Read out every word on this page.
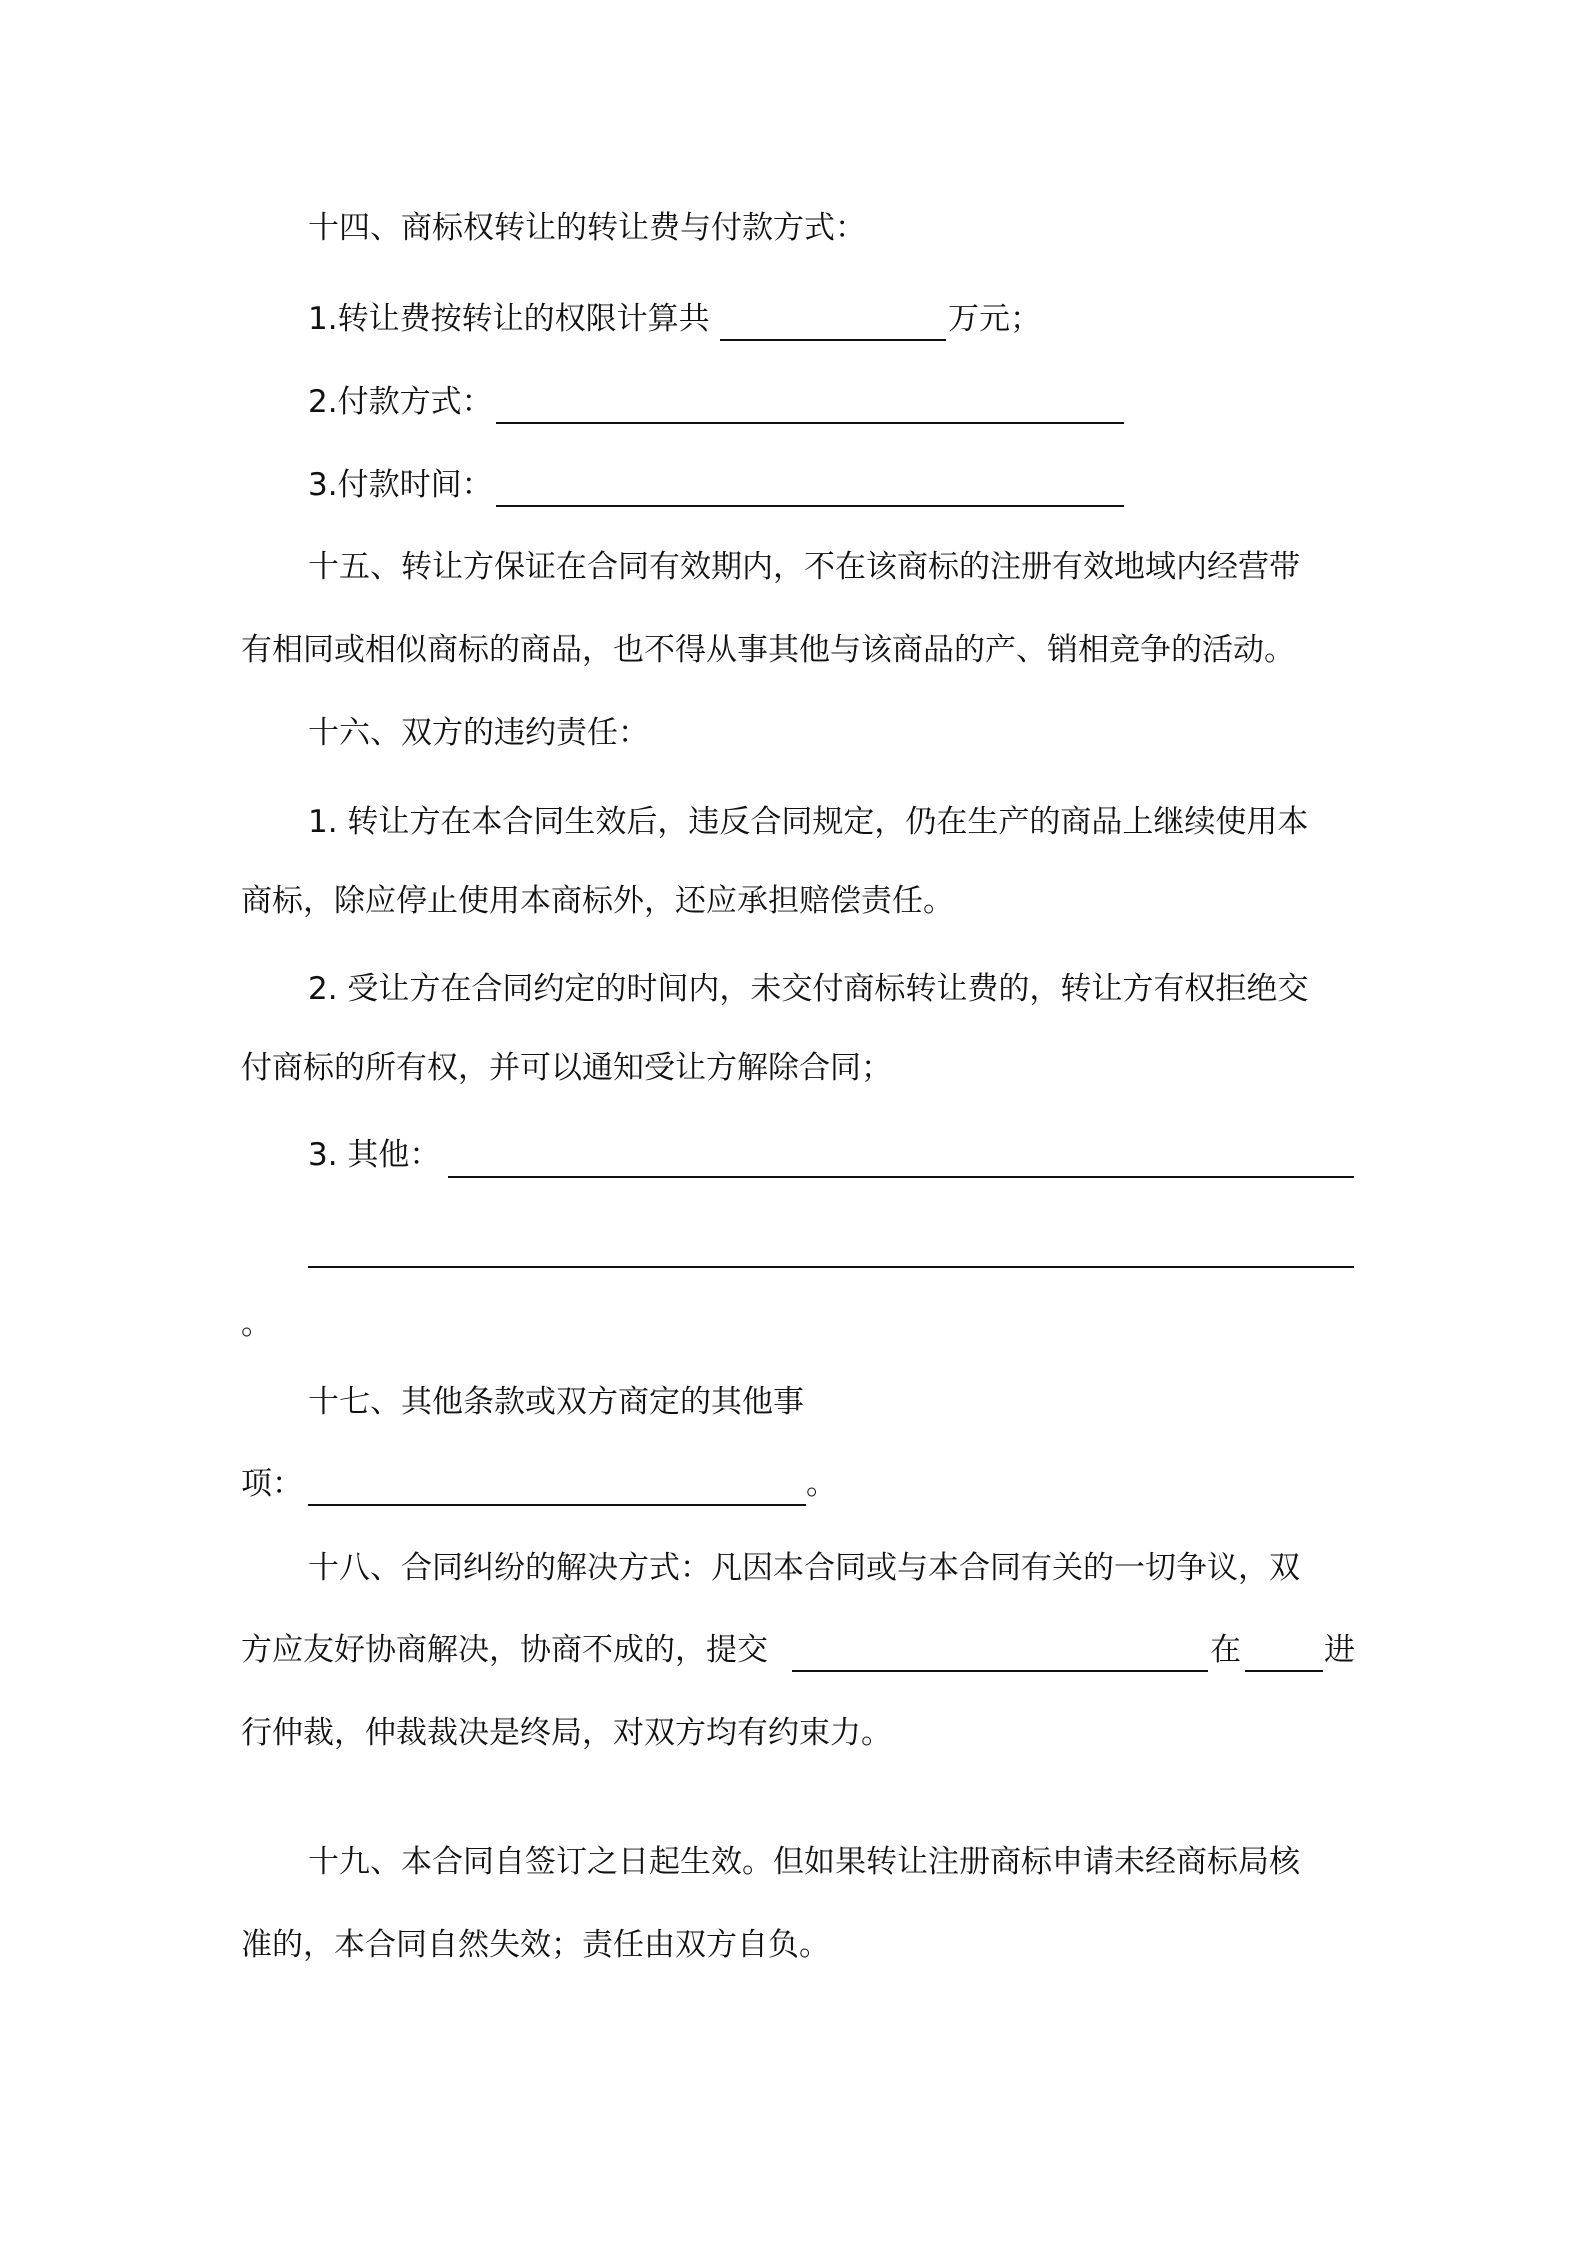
十四、商标权转让的转让费与付款方式：
1.转让费按转让的权限计算共	万元；
2.付款方式：
3.付款时间：
十五、转让方保证在合同有效期内，不在该商标的注册有效地域内经营带
有相同或相似商标的商品，也不得从事其他与该商品的产、销相竞争的活动。
十六、双方的违约责任：
1. 转让方在本合同生效后，违反合同规定，仍在生产的商品上继续使用本
商标，除应停止使用本商标外，还应承担赔偿责任。
2. 受让方在合同约定的时间内，未交付商标转让费的，转让方有权拒绝交
付商标的所有权，并可以通知受让方解除合同；
3. 其他：
。
十七、其他条款或双方商定的其他事
项：	。
十八、合同纠纷的解决方式：凡因本合同或与本合同有关的一切争议，双
方应友好协商解决，协商不成的，提交	在	进
行仲裁，仲裁裁决是终局，对双方均有约束力。
十九、本合同自签订之日起生效。但如果转让注册商标申请未经商标局核
准的，本合同自然失效；责任由双方自负。
